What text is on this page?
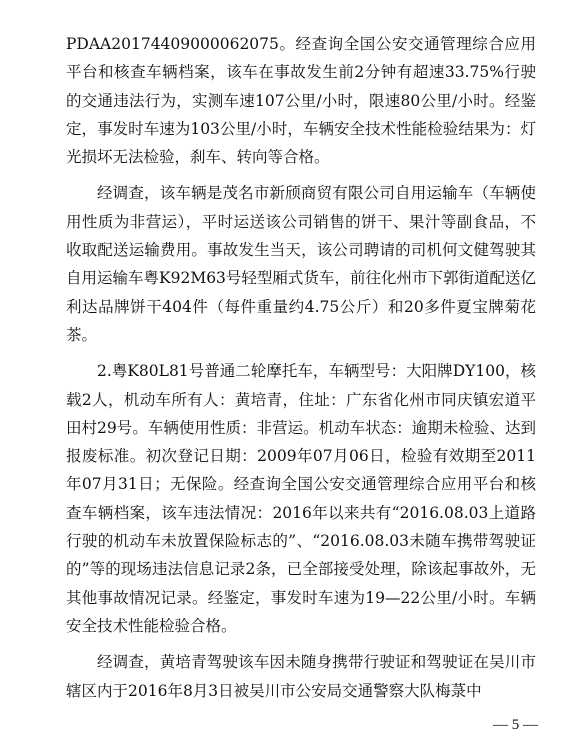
PDAA20174409000062075。经查询全国公安交通管理综合应用平台和核查车辆档案，该车在事故发生前2分钟有超速33.75%行驶的交通违法行为，实测车速107公里/小时，限速80公里/小时。经鉴定，事发时车速为103公里/小时，车辆安全技术性能检验结果为：灯光损坏无法检验，刹车、转向等合格。

经调查，该车辆是茂名市新颀商贸有限公司自用运输车（车辆使用性质为非营运），平时运送该公司销售的饼干、果汁等副食品，不收取配送运输费用。事故发生当天，该公司聘请的司机何文健驾驶其自用运输车粤K92M63号轻型厢式货车，前往化州市下郭街道配送亿利达品牌饼干404件（每件重量约4.75公斤）和20多件夏宝牌菊花茶。

2.粤K80L81号普通二轮摩托车，车辆型号：大阳牌DY100，核载2人，机动车所有人：黄培青，住址：广东省化州市同庆镇宏道平田村29号。车辆使用性质：非营运。机动车状态：逾期未检验、达到报废标准。初次登记日期：2009年07月06日，检验有效期至2011年07月31日；无保险。经查询全国公安交通管理综合应用平台和核查车辆档案，该车违法情况：2016年以来共有“2016.08.03上道路行驶的机动车未放置保险标志的”、“2016.08.03未随车携带驾驶证的”等的现场违法信息记录2条，已全部接受处理，除该起事故外，无其他事故情况记录。经鉴定，事发时车速为19—22公里/小时。车辆安全技术性能检验合格。

经调查，黄培青驾驶该车因未随身携带行驶证和驾驶证在吴川市辖区内于2016年8月3日被吴川市公安局交通警察大队梅菉中

— 5 —
